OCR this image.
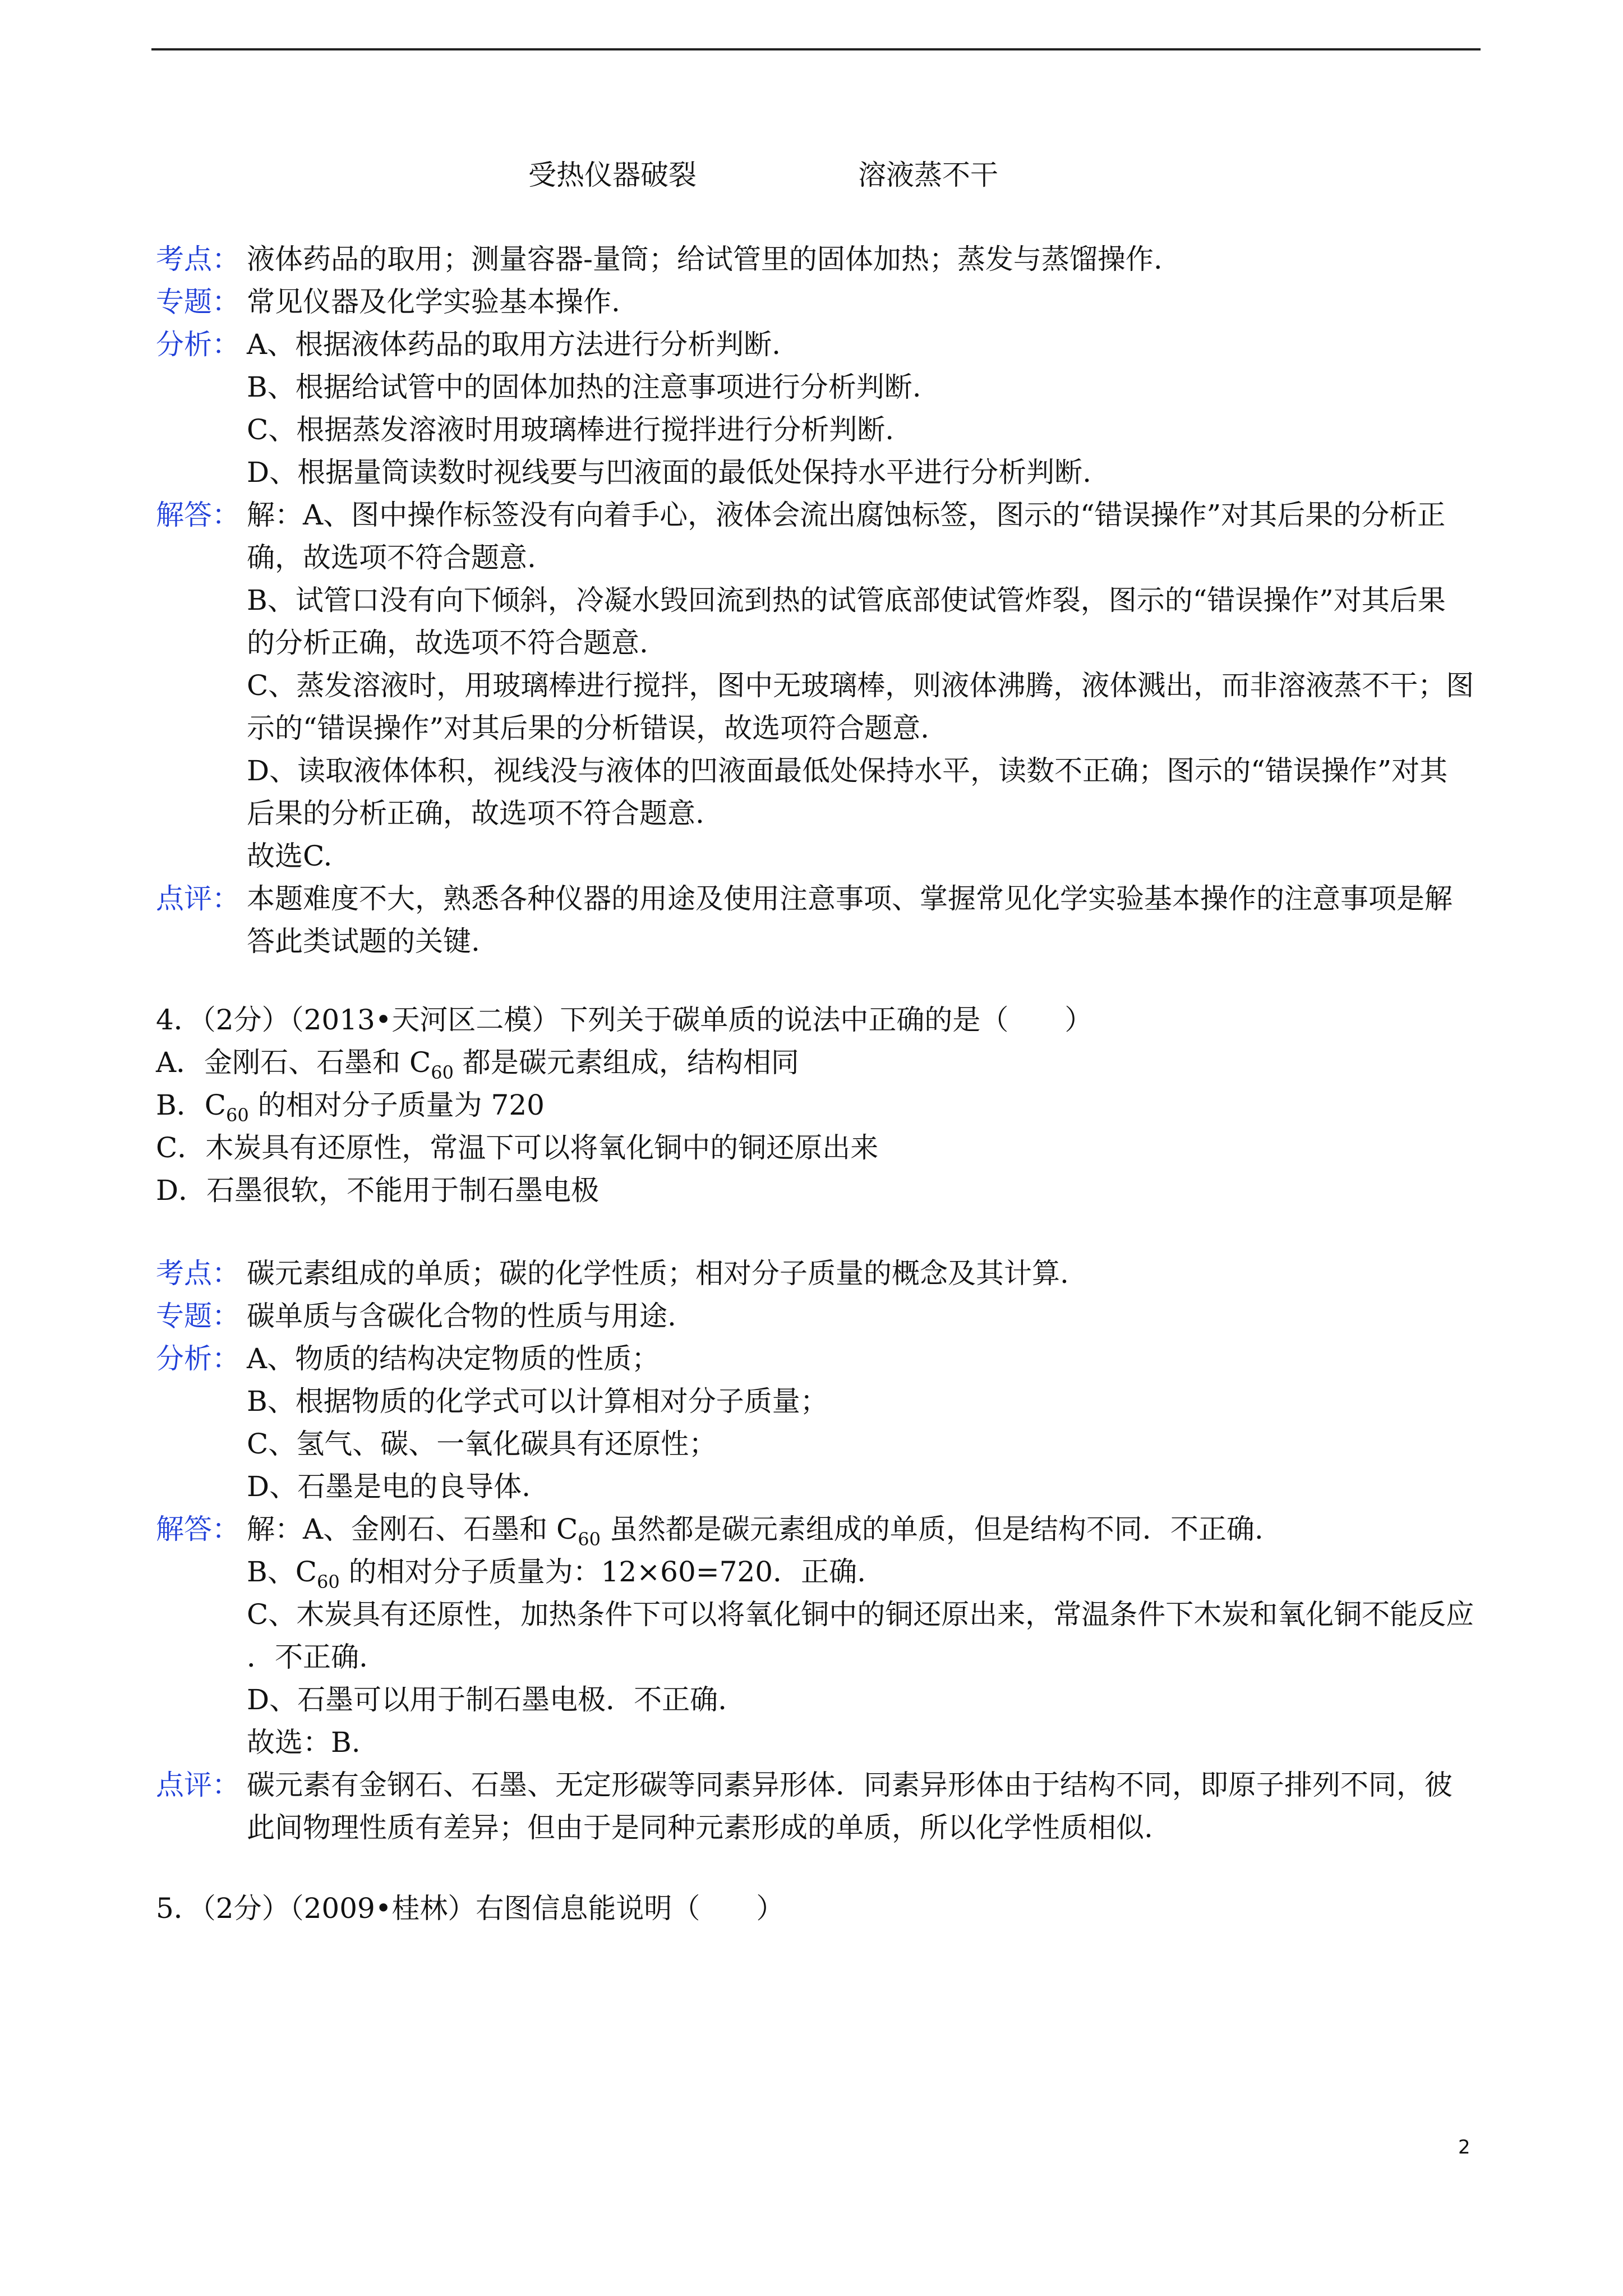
受热仪器破裂	溶液蒸不干
考点： 液体药品的取用；测量容器-量筒；给试管里的固体加热；蒸发与蒸馏操作.
专题： 常见仪器及化学实验基本操作.
分析： A、根据液体药品的取用方法进行分析判断.
B、根据给试管中的固体加热的注意事项进行分析判断.
C、根据蒸发溶液时用玻璃棒进行搅拌进行分析判断.
D、根据量筒读数时视线要与凹液面的最低处保持水平进行分析判断.
解答： 解：A、图中操作标签没有向着手心，液体会流出腐蚀标签，图示的“错误操作”对其后果的分析正
确，故选项不符合题意.
B、试管口没有向下倾斜，冷凝水毁回流到热的试管底部使试管炸裂，图示的“错误操作”对其后果
的分析正确，故选项不符合题意.
C、蒸发溶液时，用玻璃棒进行搅拌，图中无玻璃棒，则液体沸腾，液体溅出，而非溶液蒸不干；图
示的“错误操作”对其后果的分析错误，故选项符合题意.
D、读取液体体积，视线没与液体的凹液面最低处保持水平，读数不正确；图示的“错误操作”对其
后果的分析正确，故选项不符合题意.
故选C.
点评： 本题难度不大，熟悉各种仪器的用途及使用注意事项、掌握常见化学实验基本操作的注意事项是解
答此类试题的关键.
4．（2分）（2013•天河区二模）下列关于碳单质的说法中正确的是（　　）
A．金刚石、石墨和 $C_{60}$ 都是碳元素组成，结构相同
B．$C_{60}$ 的相对分子质量为 720
C．木炭具有还原性，常温下可以将氧化铜中的铜还原出来
D．石墨很软，不能用于制石墨电极
考点： 碳元素组成的单质；碳的化学性质；相对分子质量的概念及其计算.
专题： 碳单质与含碳化合物的性质与用途.
分析： A、物质的结构决定物质的性质；
B、根据物质的化学式可以计算相对分子质量；
C、氢气、碳、一氧化碳具有还原性；
D、石墨是电的良导体.
解答： 解：A、金刚石、石墨和 $C_{60}$ 虽然都是碳元素组成的单质，但是结构不同．不正确.
B、$C_{60}$ 的相对分子质量为：12×60=720．正确.
C、木炭具有还原性，加热条件下可以将氧化铜中的铜还原出来，常温条件下木炭和氧化铜不能反应
．不正确.
D、石墨可以用于制石墨电极．不正确.
故选：B.
点评： 碳元素有金钢石、石墨、无定形碳等同素异形体．同素异形体由于结构不同，即原子排列不同，彼
此间物理性质有差异；但由于是同种元素形成的单质，所以化学性质相似.
5．（2分）（2009•桂林）右图信息能说明（　　）
2
